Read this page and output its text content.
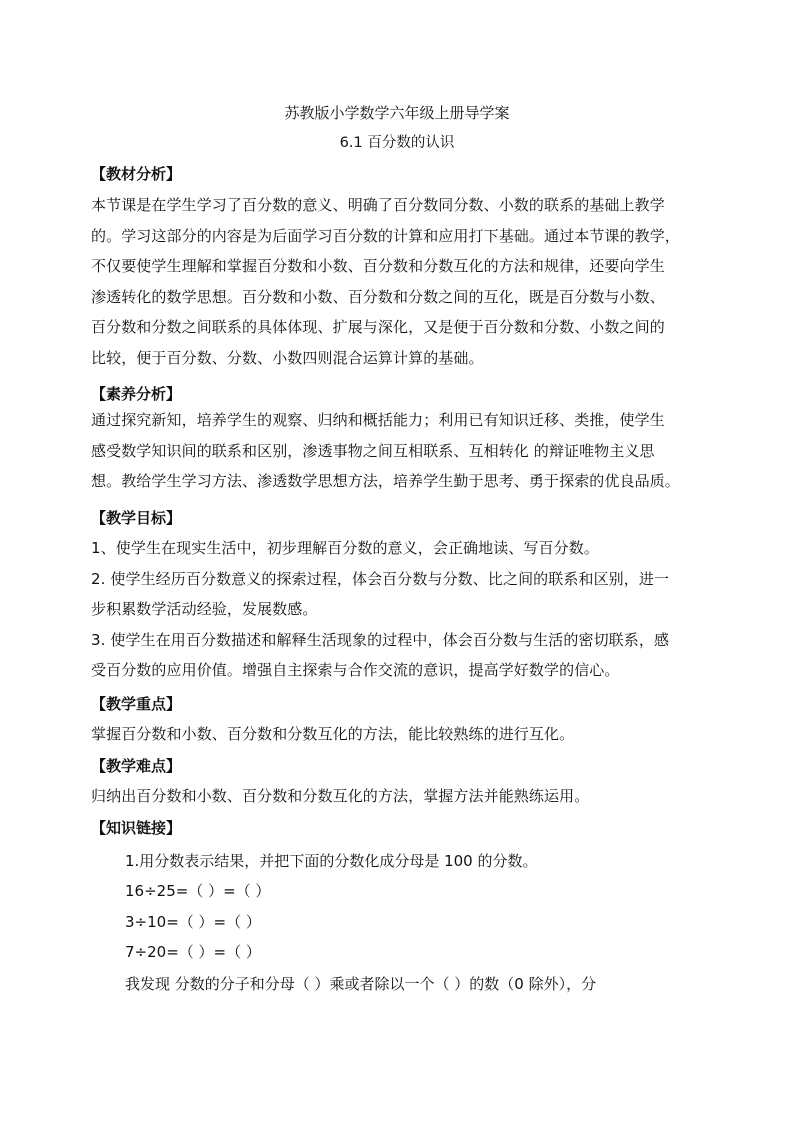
苏教版小学数学六年级上册导学案
6.1 百分数的认识
【教材分析】
本节课是在学生学习了百分数的意义、明确了百分数同分数、小数的联系的基础上教学
的。学习这部分的内容是为后面学习百分数的计算和应用打下基础。通过本节课的教学，
不仅要使学生理解和掌握百分数和小数、百分数和分数互化的方法和规律，还要向学生
渗透转化的数学思想。百分数和小数、百分数和分数之间的互化，既是百分数与小数、
百分数和分数之间联系的具体体现、扩展与深化，又是便于百分数和分数、小数之间的
比较，便于百分数、分数、小数四则混合运算计算的基础。
【素养分析】
通过探究新知，培养学生的观察、归纳和概括能力；利用已有知识迁移、类推，使学生
感受数学知识间的联系和区别，渗透事物之间互相联系、互相转化 的辩证唯物主义思
想。教给学生学习方法、渗透数学思想方法，培养学生勤于思考、勇于探索的优良品质。
【教学目标】
1、使学生在现实生活中，初步理解百分数的意义，会正确地读、写百分数。
2. 使学生经历百分数意义的探索过程，体会百分数与分数、比之间的联系和区别，进一
步积累数学活动经验，发展数感。
3. 使学生在用百分数描述和解释生活现象的过程中，体会百分数与生活的密切联系，感
受百分数的应用价值。增强自主探索与合作交流的意识，提高学好数学的信心。
【教学重点】
掌握百分数和小数、百分数和分数互化的方法，能比较熟练的进行互化。
【教学难点】
归纳出百分数和小数、百分数和分数互化的方法，掌握方法并能熟练运用。
【知识链接】
1.用分数表示结果，并把下面的分数化成分母是 100 的分数。
16÷25=（ ）=（ ）
3÷10=（ ）=（ ）
7÷20=（ ）=（ ）
我发现 分数的分子和分母（ ）乘或者除以一个（ ）的数（0 除外），分
